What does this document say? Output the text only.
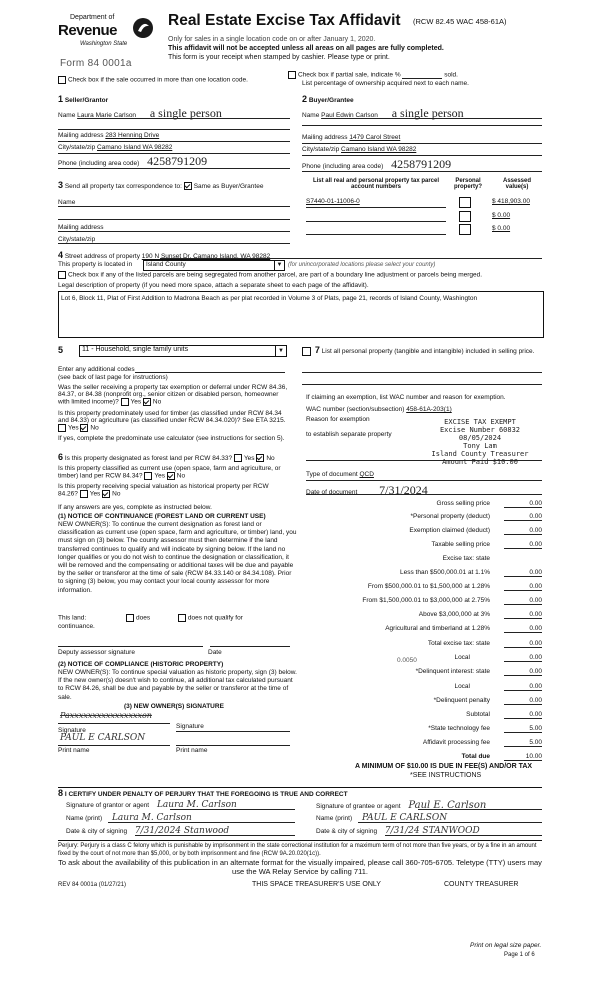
Department of
Revenue
Washington State
Form 84 0001a
Real Estate Excise Tax Affidavit (RCW 82.45 WAC 458-61A)
Only for sales in a single location code on or after January 1, 2020.
This affidavit will not be accepted unless all areas on all pages are fully completed.
This form is your receipt when stamped by cashier. Please type or print.
Check box if the sale occurred in more than one location code.
Check box if partial sale, indicate %	sold.
List percentage of ownership acquired next to each name.
1 Seller/Grantor
Name Laura Marie Carlson a single person
Mailing address 283 Henning Drive
City/state/zip Camano Island WA 98282
Phone (including area code) 4258791209
2 Buyer/Grantee
Name Paul Edwin Carlson a single person
Mailing address 1479 Carol Street
City/state/zip Camano Island WA 98282
Phone (including area code) 4258791209
3 Send all property tax correspondence to: Same as Buyer/Grantee
Name
Mailing address
City/state/zip
List all real and personal property tax parcel account numbers
Personal property?
Assessed value(s)
S7440-01-11006-0	$ 418,903.00
$ 0.00
$ 0.00
4 Street address of property 190 N Sunset Dr, Camano Island, WA 98282
This property is located in Island County	▼ (for unincorporated locations please select your county)
Check box if any of the listed parcels are being segregated from another parcel, are part of a boundary line adjustment or parcels being merged.
Legal description of property (if you need more space, attach a separate sheet to each page of the affidavit).
Lot 6, Block 11, Plat of First Addition to Madrona Beach as per plat recorded in Volume 3 of Plats, page 21, records of Island County, Washington
5	11 - Household, single family units	▼
Enter any additional codes
(see back of last page for instructions)
Was the seller receiving a property tax exemption or deferral under RCW 84.36, 84.37, or 84.38 (nonprofit org., senior citizen or disabled person, homeowner with limited income)? Yes No
Is this property predominately used for timber (as classified under RCW 84.34 and 84.33) or agriculture (as classified under RCW 84.34.020)? See ETA 3215. Yes No
If yes, complete the predominate use calculator (see instructions for section 5).
6 Is this property designated as forest land per RCW 84.33? Yes No
Is this property classified as current use (open space, farm and agriculture, or timber) land per RCW 84.34? Yes No
Is this property receiving special valuation as historical property per RCW 84.26? Yes No
If any answers are yes, complete as instructed below.
(1) NOTICE OF CONTINUANCE (FOREST LAND OR CURRENT USE)
NEW OWNER(S): To continue the current designation as forest land or classification as current use (open space, farm and agriculture, or timber) land, you must sign on (3) below. The county assessor must then determine if the land transferred continues to qualify and will indicate by signing below. If the land no longer qualifies or you do not wish to continue the designation or classification, it will be removed and the compensating or additional taxes will be due and payable by the seller or transferor at the time of sale (RCW 84.33.140 or 84.34.108). Prior to signing (3) below, you may contact your local county assessor for more information.
This land:	does	does not qualify for
continuance.
Deputy assessor signature	Date
(2) NOTICE OF COMPLIANCE (HISTORIC PROPERTY)
NEW OWNER(S): To continue special valuation as historic property, sign (3) below. If the new owner(s) doesn't wish to continue, all additional tax calculated pursuant to RCW 84.26, shall be due and payable by the seller or transferor at the time of sale.
(3) NEW OWNER(S) SIGNATURE
Paxxxxxxxxxxxxxxxxon
Signature
Signature
PAUL E CARLSON
Print name	Print name
7 List all personal property (tangible and intangible) included in selling price.
If claiming an exemption, list WAC number and reason for exemption.
WAC number (section/subsection) 458-61A-203(1)
Reason for exemption
to establish separate property
EXCISE TAX EXEMPT
Excise Number 60832
08/05/2024
Tony Lam
Island County Treasurer
Amount Paid $10.00
Type of document QCD
Date of document 7/31/2024
Gross selling price	0.00
*Personal property (deduct)	0.00
Exemption claimed (deduct)	0.00
Taxable selling price	0.00
Excise tax: state
Less than $500,000.01 at 1.1%	0.00
From $500,000.01 to $1,500,000 at 1.28%	0.00
From $1,500,000.01 to $3,000,000 at 2.75%	0.00
Above $3,000,000 at 3%	0.00
Agricultural and timberland at 1.28%	0.00
Total excise tax: state	0.00
Local	0.00
*Delinquent interest: state	0.00
Local	0.00
*Delinquent penalty	0.00
Subtotal	0.00
*State technology fee	5.00
Affidavit processing fee	5.00
Total due	10.00
0.0050
A MINIMUM OF $10.00 IS DUE IN FEE(S) AND/OR TAX
*SEE INSTRUCTIONS
8 I CERTIFY UNDER PENALTY OF PERJURY THAT THE FOREGOING IS TRUE AND CORRECT
Signature of grantor or agent Laura M. Carlson
Name (print) Laura M. Carlson
Date & city of signing 7/31/2024 Stanwood
Signature of grantee or agent Paul E. Carlson
Name (print) PAUL E CARLSON
Date & city of signing 7/31/24 STANWOOD
Perjury: Perjury is a class C felony which is punishable by imprisonment in the state correctional institution for a maximum term of not more than five years, or by a fine in an amount fixed by the court of not more than $5,000, or by both imprisonment and fine (RCW 9A.20.020(1c)).
To ask about the availability of this publication in an alternate format for the visually impaired, please call 360-705-6705. Teletype (TTY) users may use the WA Relay Service by calling 711.
REV 84 0001a (01/27/21)	THIS SPACE TREASURER'S USE ONLY	COUNTY TREASURER
Print on legal size paper.
Page 1 of 6
